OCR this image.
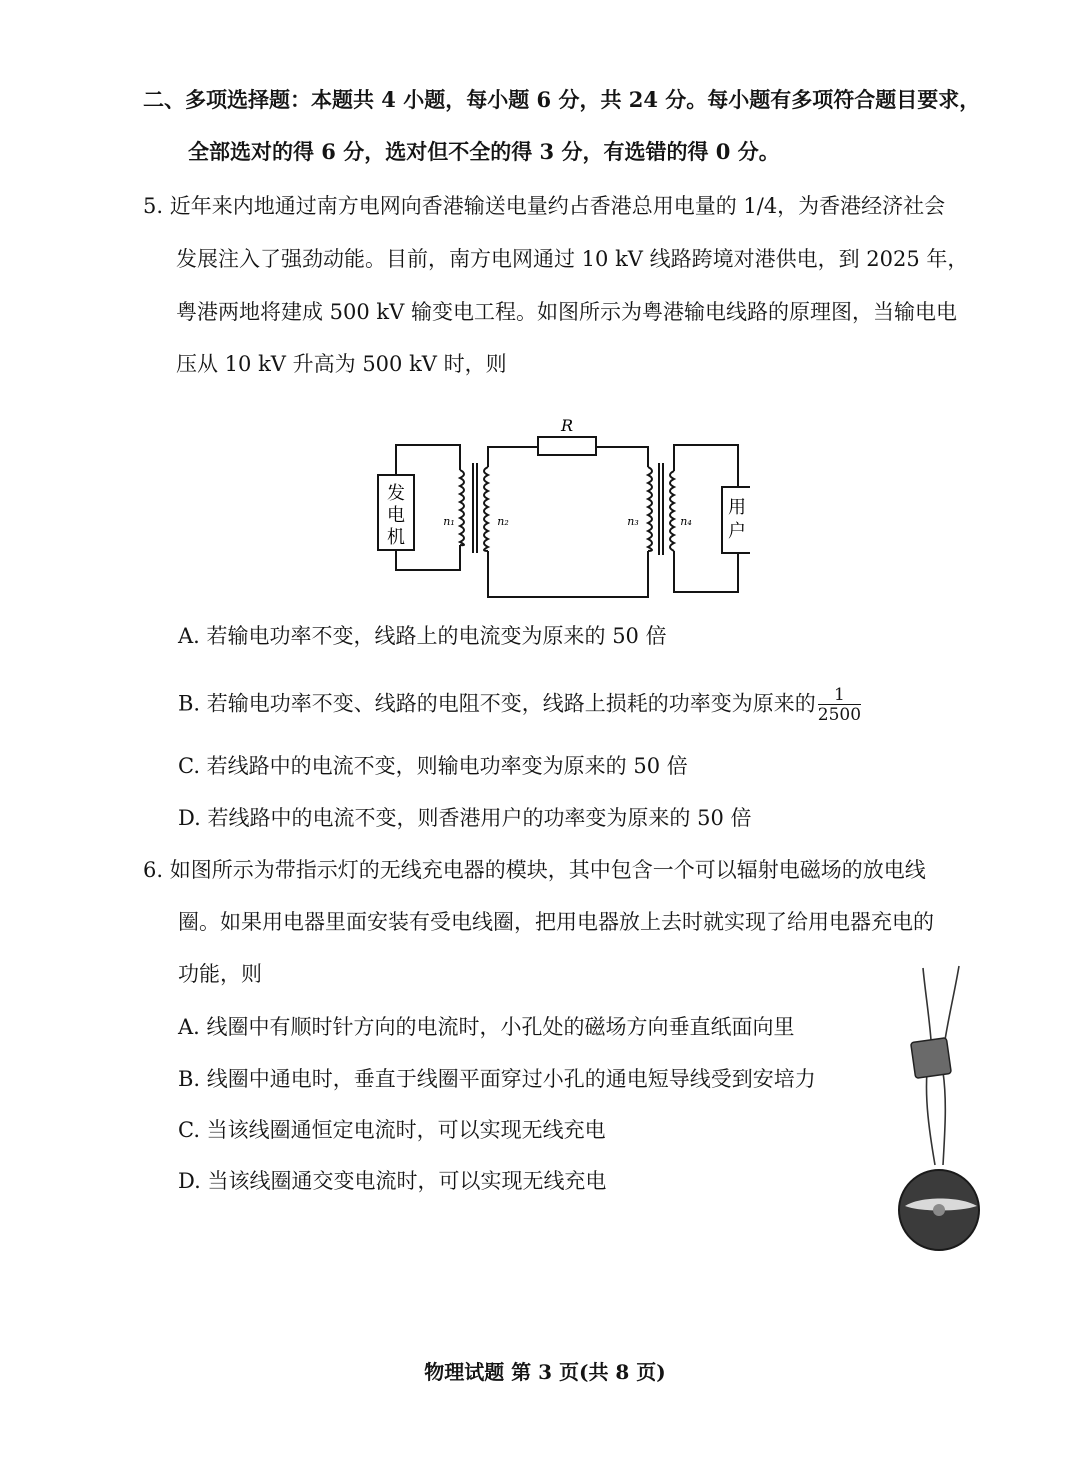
二、多项选择题：本题共 4 小题，每小题 6 分，共 24 分。每小题有多项符合题目要求，
全部选对的得 6 分，选对但不全的得 3 分，有选错的得 0 分。
5. 近年来内地通过南方电网向香港输送电量约占香港总用电量的 1/4，为香港经济社会
发展注入了强劲动能。目前，南方电网通过 10 kV 线路跨境对港供电，到 2025 年，
粤港两地将建成 500 kV 输变电工程。如图所示为粤港输电线路的原理图，当输电电
压从 10 kV 升高为 500 kV 时，则
R
发
电
机
用
户
n₁	n₂	n₃	n₄
A. 若输电功率不变，线路上的电流变为原来的 50 倍
B. 若输电功率不变、线路的电阻不变，线路上损耗的功率变为原来的 $\frac{1}{2500}$
C. 若线路中的电流不变，则输电功率变为原来的 50 倍
D. 若线路中的电流不变，则香港用户的功率变为原来的 50 倍
6. 如图所示为带指示灯的无线充电器的模块，其中包含一个可以辐射电磁场的放电线
圈。如果用电器里面安装有受电线圈，把用电器放上去时就实现了给用电器充电的
功能，则
A. 线圈中有顺时针方向的电流时，小孔处的磁场方向垂直纸面向里
B. 线圈中通电时，垂直于线圈平面穿过小孔的通电短导线受到安培力
C. 当该线圈通恒定电流时，可以实现无线充电
D. 当该线圈通交变电流时，可以实现无线充电
物理试题 第 3 页(共 8 页)
